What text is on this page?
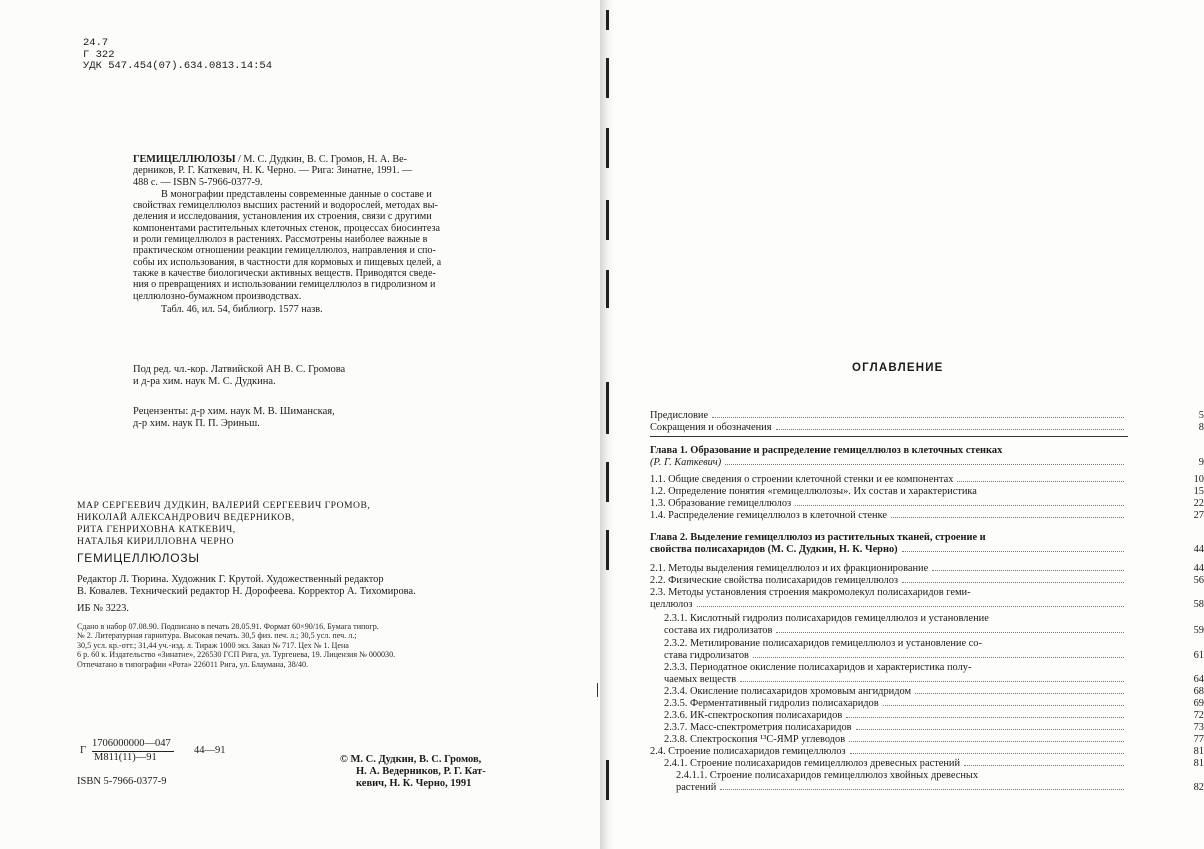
24.7
Г 322
УДК 547.454(07).634.0813.14:54
ГЕМИЦЕЛЛЮЛОЗЫ / М. С. Дудкин, В. С. Громов, Н. А. Ве-
дерников, Р. Г. Каткевич, Н. К. Черно. — Рига: Зинатне, 1991. —
488 с. — ISBN 5-7966-0377-9.
В монографии представлены современные данные о составе и
свойствах гемицеллюлоз высших растений и водорослей, методах вы-
деления и исследования, установления их строения, связи с другими
компонентами растительных клеточных стенок, процессах биосинтеза
и роли гемицеллюлоз в растениях. Рассмотрены наиболее важные в
практическом отношении реакции гемицеллюлоз, направления и спо-
собы их использования, в частности для кормовых и пищевых целей, а
также в качестве биологически активных веществ. Приводятся сведе-
ния о превращениях и использовании гемицеллюлоз в гидролизном и
целлюлозно-бумажном производствах.
Табл. 46, ил. 54, библиогр. 1577 назв.
Под ред. чл.-кор. Латвийской АН В. С. Громова
и д-ра хим. наук М. С. Дудкина.
Рецензенты: д-р хим. наук М. В. Шиманская,
д-р хим. наук П. П. Эриньш.
МАР СЕРГЕЕВИЧ ДУДКИН, ВАЛЕРИЙ СЕРГЕЕВИЧ ГРОМОВ,
НИКОЛАЙ АЛЕКСАНДРОВИЧ ВЕДЕРНИКОВ,
РИТА ГЕНРИХОВНА КАТКЕВИЧ,
НАТАЛЬЯ КИРИЛЛОВНА ЧЕРНО
ГЕМИЦЕЛЛЮЛОЗЫ
Редактор Л. Тюрина. Художник Г. Крутой. Художественный редактор
В. Ковалев. Технический редактор Н. Дорофеева. Корректор А. Тихомирова.
ИБ № 3223.
Сдано в набор 07.08.90. Подписано в печать 28.05.91. Формат 60×90/16. Бумага типогр.
№ 2. Литературная гарнитура. Высокая печать. 30,5 физ. печ. л.; 30,5 усл. печ. л.;
30,5 усл. кр.-отт.; 31,44 уч.-изд. л. Тираж 1000 экз. Заказ № 717. Цех № 1. Цена
6 р. 60 к. Издательство «Зинатне», 226530 ГСП Рига, ул. Тургенева, 19. Лицензия № 000030.
Отпечатано в типографии «Рота» 226011 Рига, ул. Блаумана, 38/40.
Г
1706000000—047
М811(11)—91
44—91
ISBN 5-7966-0377-9
© М. С. Дудкин, В. С. Громов,
Н. А. Ведерников, Р. Г. Кат-
кевич, Н. К. Черно, 1991
ОГЛАВЛЕНИЕ
Предисловие	5
Сокращения и обозначения	8
Глава 1. Образование и распределение гемицеллюлоз в клеточных стенках
(Р. Г. Каткевич)	9
1.1. Общие сведения о строении клеточной стенки и ее компонентах	10
1.2. Определение понятия «гемицеллюлозы». Их состав и характеристика	15
1.3. Образование гемицеллюлоз	22
1.4. Распределение гемицеллюлоз в клеточной стенке	27
Глава 2. Выделение гемицеллюлоз из растительных тканей, строение и
свойства полисахаридов (М. С. Дудкин, Н. К. Черно)	44
2.1. Методы выделения гемицеллюлоз и их фракционирование	44
2.2. Физические свойства полисахаридов гемицеллюлоз	56
2.3. Методы установления строения макромолекул полисахаридов геми-
целлюлоз	58
2.3.1. Кислотный гидролиз полисахаридов гемицеллюлоз и установление
состава их гидролизатов	59
2.3.2. Метилирование полисахаридов гемицеллюлоз и установление со-
става гидролизатов	61
2.3.3. Периодатное окисление полисахаридов и характеристика полу-
чаемых веществ	64
2.3.4. Окисление полисахаридов хромовым ангидридом	68
2.3.5. Ферментативный гидролиз полисахаридов	69
2.3.6. ИК-спектроскопия полисахаридов	72
2.3.7. Масс-спектрометрия полисахаридов	73
2.3.8. Спектроскопия ¹³С-ЯМР углеводов	77
2.4. Строение полисахаридов гемицеллюлоз	81
2.4.1. Строение полисахаридов гемицеллюлоз древесных растений	81
2.4.1.1. Строение полисахаридов гемицеллюлоз хвойных древесных
растений	82
